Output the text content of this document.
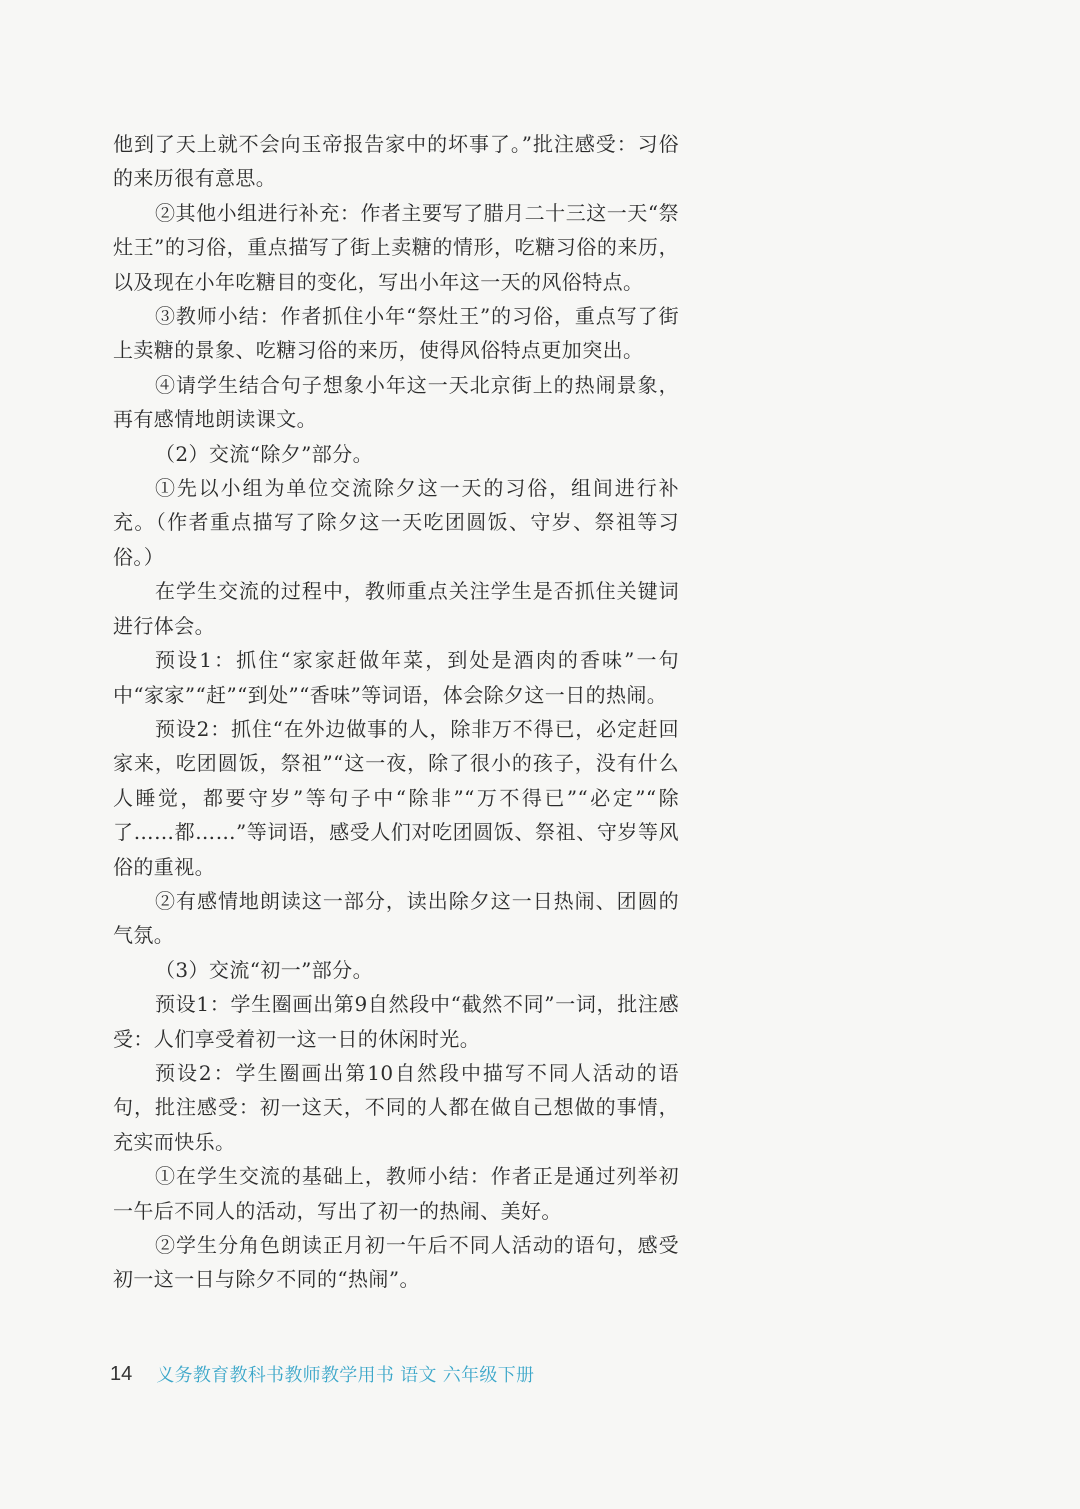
他到了天上就不会向玉帝报告家中的坏事了。”批注感受：习俗的来历很有意思。

②其他小组进行补充：作者主要写了腊月二十三这一天“祭灶王”的习俗，重点描写了街上卖糖的情形，吃糖习俗的来历，以及现在小年吃糖目的变化，写出小年这一天的风俗特点。

③教师小结：作者抓住小年“祭灶王”的习俗，重点写了街上卖糖的景象、吃糖习俗的来历，使得风俗特点更加突出。

④请学生结合句子想象小年这一天北京街上的热闹景象，再有感情地朗读课文。

（2）交流“除夕”部分。

①先以小组为单位交流除夕这一天的习俗，组间进行补充。（作者重点描写了除夕这一天吃团圆饭、守岁、祭祖等习俗。）

在学生交流的过程中，教师重点关注学生是否抓住关键词进行体会。

预设1：抓住“家家赶做年菜，到处是酒肉的香味”一句中“家家”“赶”“到处”“香味”等词语，体会除夕这一日的热闹。

预设2：抓住“在外边做事的人，除非万不得已，必定赶回家来，吃团圆饭，祭祖”“这一夜，除了很小的孩子，没有什么人睡觉，都要守岁”等句子中“除非”“万不得已”“必定”“除了……都……”等词语，感受人们对吃团圆饭、祭祖、守岁等风俗的重视。

②有感情地朗读这一部分，读出除夕这一日热闹、团圆的气氛。

（3）交流“初一”部分。

预设1：学生圈画出第9自然段中“截然不同”一词，批注感受：人们享受着初一这一日的休闲时光。

预设2：学生圈画出第10自然段中描写不同人活动的语句，批注感受：初一这天，不同的人都在做自己想做的事情，充实而快乐。

①在学生交流的基础上，教师小结：作者正是通过列举初一午后不同人的活动，写出了初一的热闹、美好。

②学生分角色朗读正月初一午后不同人活动的语句，感受初一这一日与除夕不同的“热闹”。

14 义务教育教科书教师教学用书 语文 六年级下册
